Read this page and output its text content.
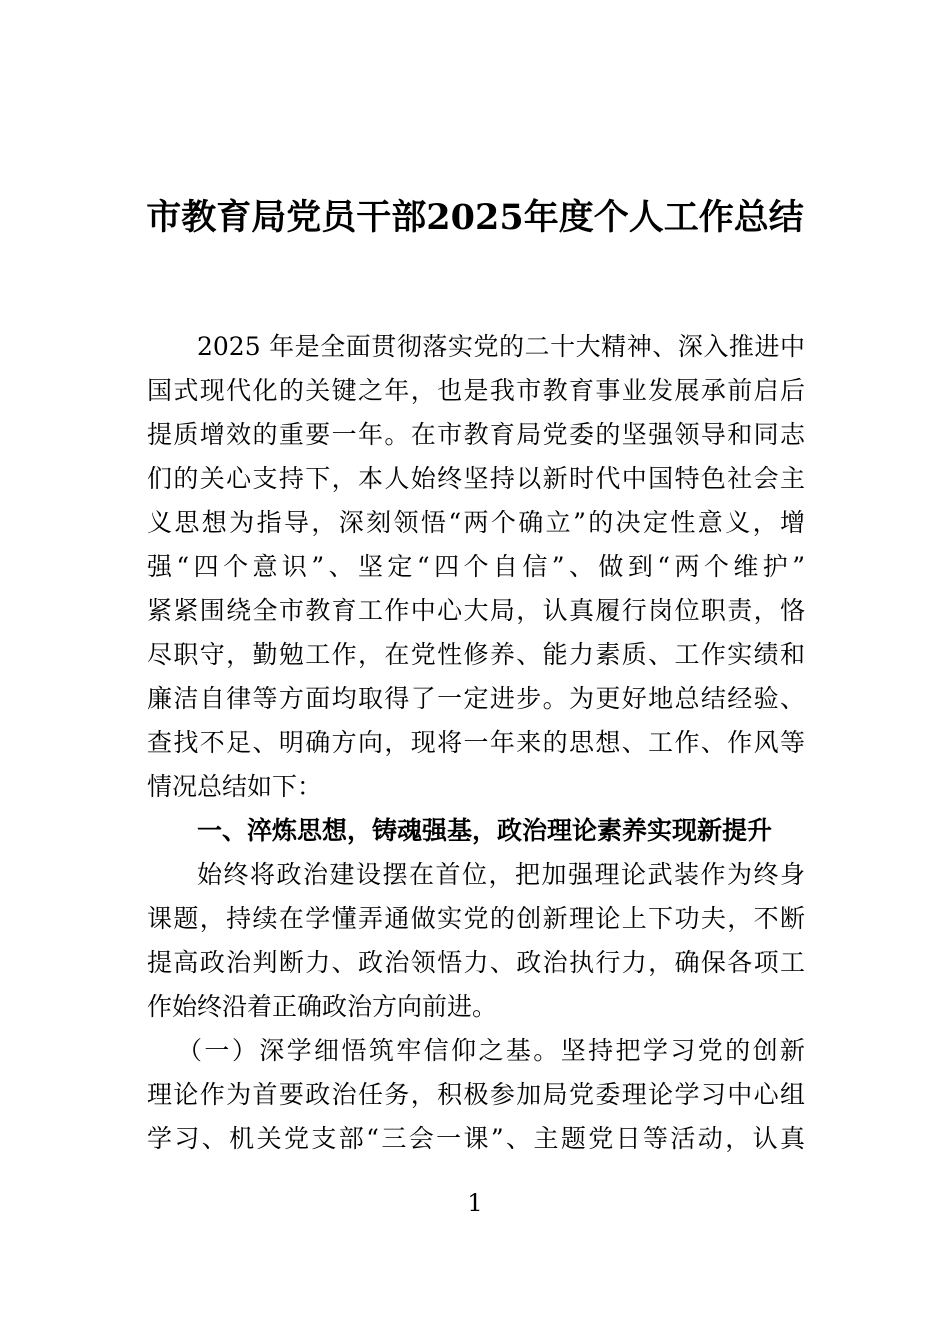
市教育局党员干部2025年度个人工作总结
2025 年是全面贯彻落实党的二十大精神、深入推进中
国式现代化的关键之年，也是我市教育事业发展承前启后
提质增效的重要一年。在市教育局党委的坚强领导和同志
们的关心支持下，本人始终坚持以新时代中国特色社会主
义思想为指导，深刻领悟“两个确立”的决定性意义，增
强“四个意识”、坚定“四个自信”、做到“两个维护”
紧紧围绕全市教育工作中心大局，认真履行岗位职责，恪
尽职守，勤勉工作，在党性修养、能力素质、工作实绩和
廉洁自律等方面均取得了一定进步。为更好地总结经验、
查找不足、明确方向，现将一年来的思想、工作、作风等
情况总结如下：
一、淬炼思想，铸魂强基，政治理论素养实现新提升
始终将政治建设摆在首位，把加强理论武装作为终身
课题，持续在学懂弄通做实党的创新理论上下功夫，不断
提高政治判断力、政治领悟力、政治执行力，确保各项工
作始终沿着正确政治方向前进。
（一）深学细悟筑牢信仰之基。坚持把学习党的创新
理论作为首要政治任务，积极参加局党委理论学习中心组
学习、机关党支部“三会一课”、主题党日等活动，认真
1
